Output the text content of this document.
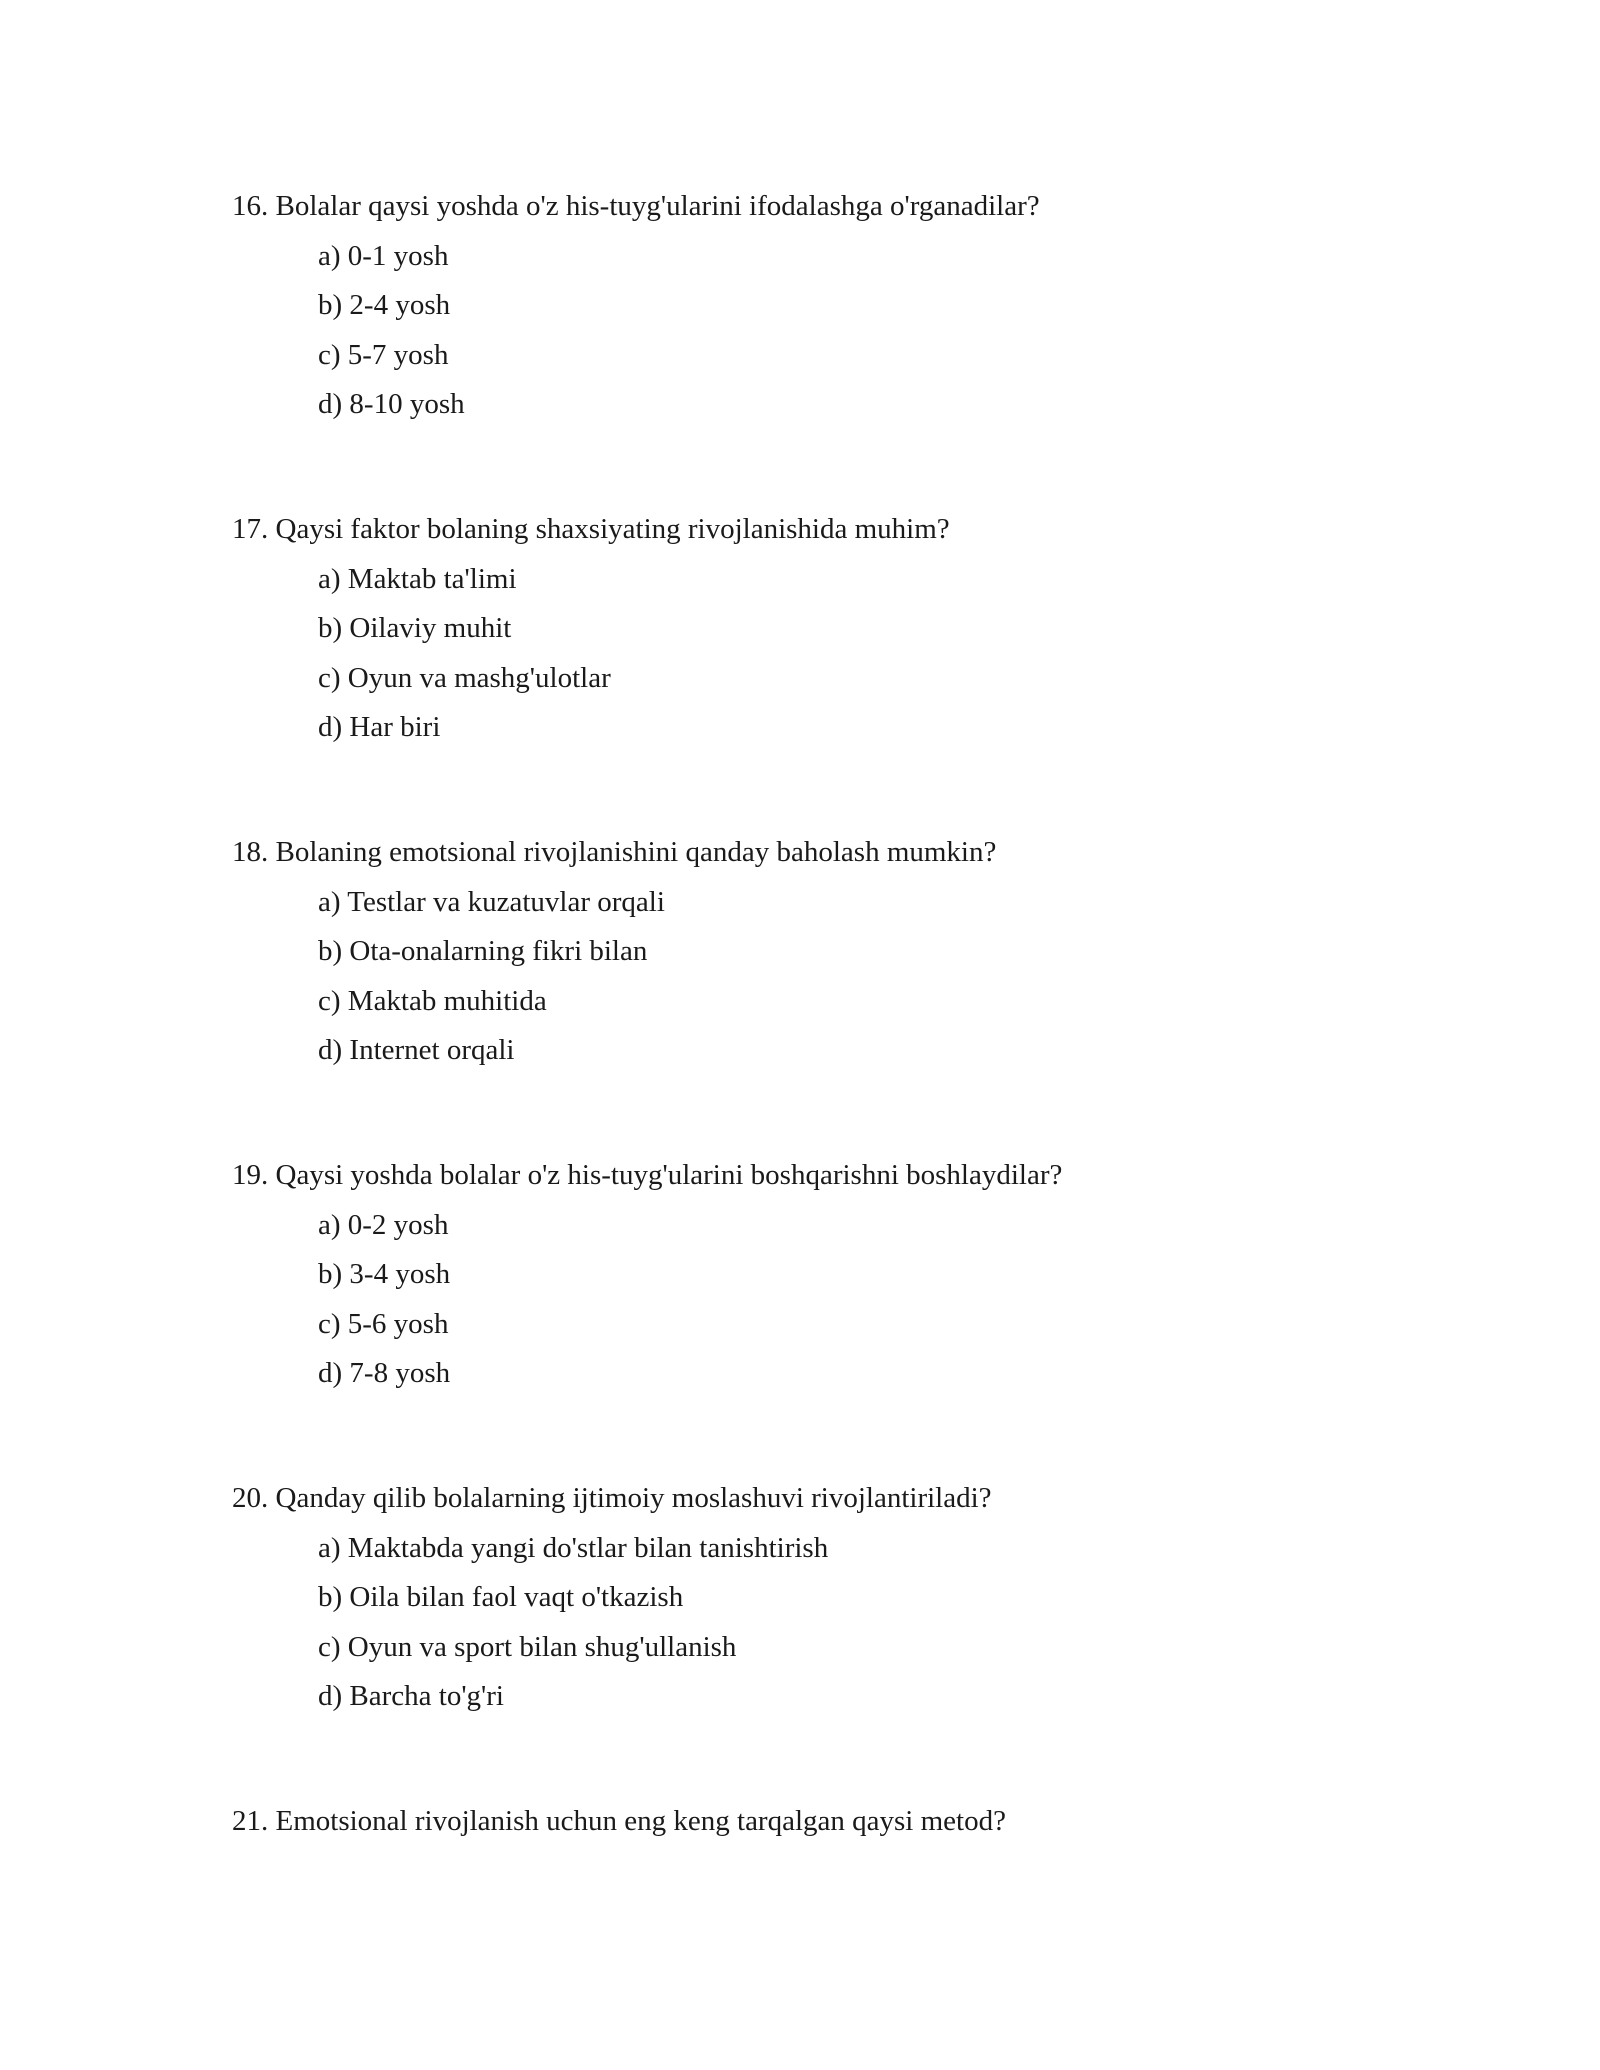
16. Bolalar qaysi yoshda o'z his-tuyg'ularini ifodalashga o'rganadilar?

a) 0-1 yosh
b) 2-4 yosh
c) 5-7 yosh
d) 8-10 yosh

17. Qaysi faktor bolaning shaxsiyating rivojlanishida muhim?

a) Maktab ta'limi
b) Oilaviy muhit
c) Oyun va mashg'ulotlar
d) Har biri

18. Bolaning emotsional rivojlanishini qanday baholash mumkin?

a) Testlar va kuzatuvlar orqali
b) Ota-onalarning fikri bilan
c) Maktab muhitida
d) Internet orqali

19. Qaysi yoshda bolalar o'z his-tuyg'ularini boshqarishni boshlaydilar?

a) 0-2 yosh
b) 3-4 yosh
c) 5-6 yosh
d) 7-8 yosh

20. Qanday qilib bolalarning ijtimoiy moslashuvi rivojlantiriladi?

a) Maktabda yangi do'stlar bilan tanishtirish
b) Oila bilan faol vaqt o'tkazish
c) Oyun va sport bilan shug'ullanish
d) Barcha to'g'ri

21. Emotsional rivojlanish uchun eng keng tarqalgan qaysi metod?
